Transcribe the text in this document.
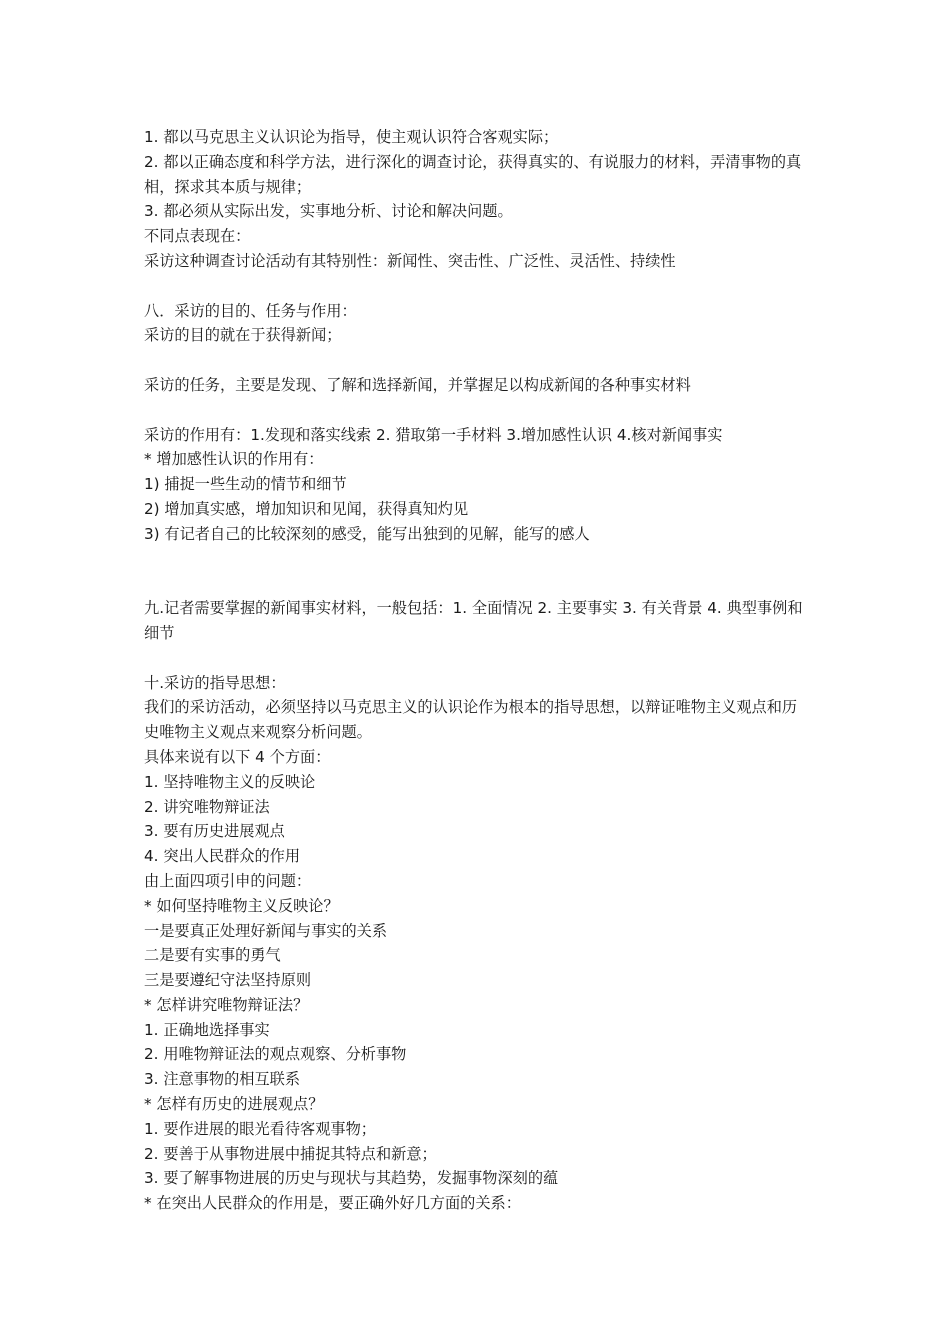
1. 都以马克思主义认识论为指导，使主观认识符合客观实际；

2. 都以正确态度和科学方法，进行深化的调查讨论，获得真实的、有说服力的材料，弄清事物的真相，探求其本质与规律；

3. 都必须从实际出发，实事地分析、讨论和解决问题。

不同点表现在：

采访这种调查讨论活动有其特别性：新闻性、突击性、广泛性、灵活性、持续性

八．采访的目的、任务与作用：

采访的目的就在于获得新闻；

采访的任务，主要是发现、了解和选择新闻，并掌握足以构成新闻的各种事实材料

采访的作用有：1.发现和落实线索 2. 猎取第一手材料 3.增加感性认识 4.核对新闻事实

* 增加感性认识的作用有：

1) 捕捉一些生动的情节和细节

2) 增加真实感，增加知识和见闻，获得真知灼见

3) 有记者自己的比较深刻的感受，能写出独到的见解，能写的感人

九.记者需要掌握的新闻事实材料，一般包括：1. 全面情况 2. 主要事实 3. 有关背景 4. 典型事例和细节

十.采访的指导思想：

我们的采访活动，必须坚持以马克思主义的认识论作为根本的指导思想，以辩证唯物主义观点和历史唯物主义观点来观察分析问题。

具体来说有以下 4 个方面：

1. 坚持唯物主义的反映论

2. 讲究唯物辩证法

3. 要有历史进展观点

4. 突出人民群众的作用

由上面四项引申的问题：

* 如何坚持唯物主义反映论？

一是要真正处理好新闻与事实的关系

二是要有实事的勇气

三是要遵纪守法坚持原则

* 怎样讲究唯物辩证法？

1. 正确地选择事实

2. 用唯物辩证法的观点观察、分析事物

3. 注意事物的相互联系

* 怎样有历史的进展观点？

1. 要作进展的眼光看待客观事物；

2. 要善于从事物进展中捕捉其特点和新意；

3. 要了解事物进展的历史与现状与其趋势，发掘事物深刻的蕴

* 在突出人民群众的作用是，要正确外好几方面的关系：
